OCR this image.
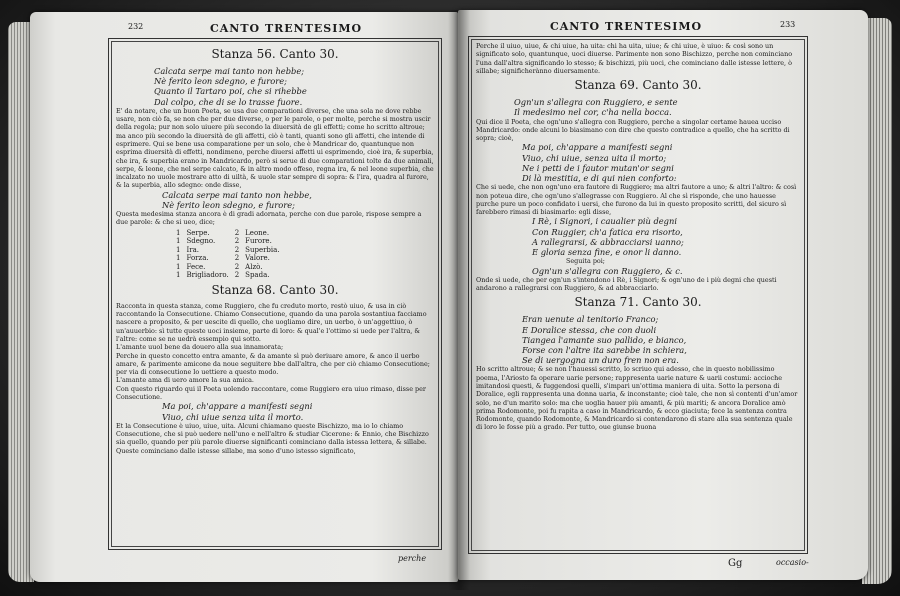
232	CANTO TRENTESIMO
Stanza 56. Canto 30.
Calcata serpe mai tanto non hebbe;
Nè ferito leon sdegno, e furore;
Quanto il Tartaro poi, che si rihebbe
Dal colpo, che di se lo trasse fuore.

E' da notare, che un buon Poeta, se usa due comparationi diverse, che una sola ne dove rebbe usare, non ciò fa, se non che per due diverse, o per le parole, o per molte, perche si mostra uscir della regola; pur non solo uiuere più secondo la diuersità de gli effetti; come ho scritto altroue; ma anco più secondo la diuersità de gli affetti, ciò è tanti, quanti sono gli affetti, che intende di esprimere. Qui se bene usa comparatione per un solo, che è Mandricar do, quantunque non esprima diuersità di effetti, nondimeno, perche diuersi affetti ui esprimendo, cioè ira, & superbia, che ira, & superbia erano in Mandricardo, però si serue di due comparationi tolte da due animali, serpe, & leone, che nel serpe calcato, & in altro modo offeso, regna ira, & nel leone superbia, che incalzato no uuole mostrare atto di uiltà, & uuole star sempre di sopra: & l'ira, quadra al furore, & la superbia, allo sdegno: onde disse,

Calcata serpe mai tanto non hebbe,
Nè ferito leon sdegno, e furore;

Questa medesima stanza ancora è di gradi adornata, perche con due parole, rispose sempre a due parole: & che si ueo, dice;

1	Serpe.	2	Leone.
1	Sdegno.	2	Furore.
1	Ira.	2	Superbia.
1	Forza.	2	Valore.
1	Fece.	2	Alzò.
1	Brigliadoro.	2	Spada.
Stanza 68. Canto 30.

Racconta in questa stanza, come Ruggiero, che fu creduto morto, restò uiuo, & usa in ciò raccontando la Consecutione. Chiamo Consecutione, quando da una parola sostantiua facciamo nascere a proposito, & per uescite di quello, che uogliamo dire, un uerbo, ò un'aggettiuo, ò un'auuerbio: sì tutte queste uoci insieme, parte di loro: & qual'e l'ottimo si uede per l'altra, & l'altre: come se ne uedrà essempio qui sotto.

L'amante uuol bene da douero alla sua innamorata;

Perche in questo concetto entra amante, & da amante sì può deriuare amore, & anco il uerbo amare, & parimente amicone da noue seguitere bbe dall'altra, che per ciò chiamo Consecutione; per via di consecutione lo uettiere a questo modo.

L'amante ama di uero amore la sua amica.

Con questo riguardo qui il Poeta uolendo raccontare, come Ruggiero era uiuo rimaso, disse per Consecutione.

Ma poi, ch'appare a manifesti segni
Viuo, chi uiue senza uita il morto.

Et la Consecutione è uiuo, uiue, uita. Alcuni chiamano queste Bischizzo, ma io lo chiamo Consecutione, che si può uedere nell'uno e nell'altro & studiar Cicerone: & Ennio, che Bischizzo sia quello, quando per più parole diuerse significanti cominciano dalla istessa lettera, & sillabe. Queste cominciano dalle istesse sillabe, ma sono d'uno istesso significato,

perche
CANTO TRENTESIMO	233

Perche il uiuo, uiue, & chi uiue, ha uita: chi ha uita, uiue; & chi uiue, è uiuo: & così sono un significato solo, quantunque, uoci diuerse. Parimente non sono Bischizzo, perche non cominciano l'una dall'altra significando lo stesso; & bischizzi, più uoci, che cominciano dalle istesse lettere, ò sillabe; significherànno diuersamente.

Stanza 69. Canto 30.
Ogn'un s'allegra con Ruggiero, e sente
Il medesimo nel cor, c'ha nella bocca.

Qui dice il Poeta, che ogn'uno s'allegra con Ruggiero, perche a singolar certame hauea ucciso Mandricardo: onde alcuni lo biasimano con dire che questo contradice a quello, che ha scritto di sopra; cioè,

Ma poi, ch'appare a manifesti segni
Viuo, chi uiue, senza uita il morto;
Ne i petti de i fautor mutan'or segni
Di là mestitia, e di qui nien conforto:

Che si uede, che non ogn'uno era fautore di Ruggiero; ma altri fautore a uno; & altri l'altro: & così non poteua dire, che ogn'uno s'allegrasse con Ruggiero. Al che sì risponde, che uno hauesse purche pure un poco confidato i uersi, che furono da lui in questo proposito scritti, del sicuro sì farebbero rimasi di biasimarlo: egli disse,

I Rè, i Signori, i caualier più degni
Con Ruggier, ch'a fatica era risorto,
A rallegrarsi, & abbracciarsi uanno;
E gloria senza fine, e onor li danno.

Seguita poi;

Ogn'un s'allegra con Ruggiero, & c.

Onde sì uede, che per ogn'un s'intendono i Rè, i Signori; & ogn'uno de i più degni che questi andarono a rallegrarsi con Ruggiero, & ad abbracciarlo.

Stanza 71. Canto 30.
Eran uenute al tenitorio Franco;
E Doralice stessa, che con duoli
Tiangea l'amante suo pallido, e bianco,
Forse con l'altre ita sarebbe in schiera,
Se di uergogna un duro fren non era.

Ho scritto altroue; & se non l'hauessi scritto, lo scriuo qui adesso, che in questo nobilissimo poema, l'Ariosto fa operare uarie persone; rappresenta uarie nature & uarii costumi: accioche imitandosi questi, & fuggendosi quelli, s'impari un'ottima maniera di uita. Sotto la persona di Doralice, egli rappresenta una donna uaria, & inconstante; cioè tale, che non sì contenti d'un'amor solo, ne d'un marito solo: ma che uoglia hauer più amanti, & più mariti; & ancora Doralice amò prima Rodomonte, poi fu rapita a caso in Mandricardo, & ecco giaciuta; fece la sentenza contra Rodomonte, quando Rodomonte, & Mandricardo si contendarono di stare alla sua sentenza quale di loro le fosse più a grado. Per tutto, oue giunse buona

Gg	occasio-
